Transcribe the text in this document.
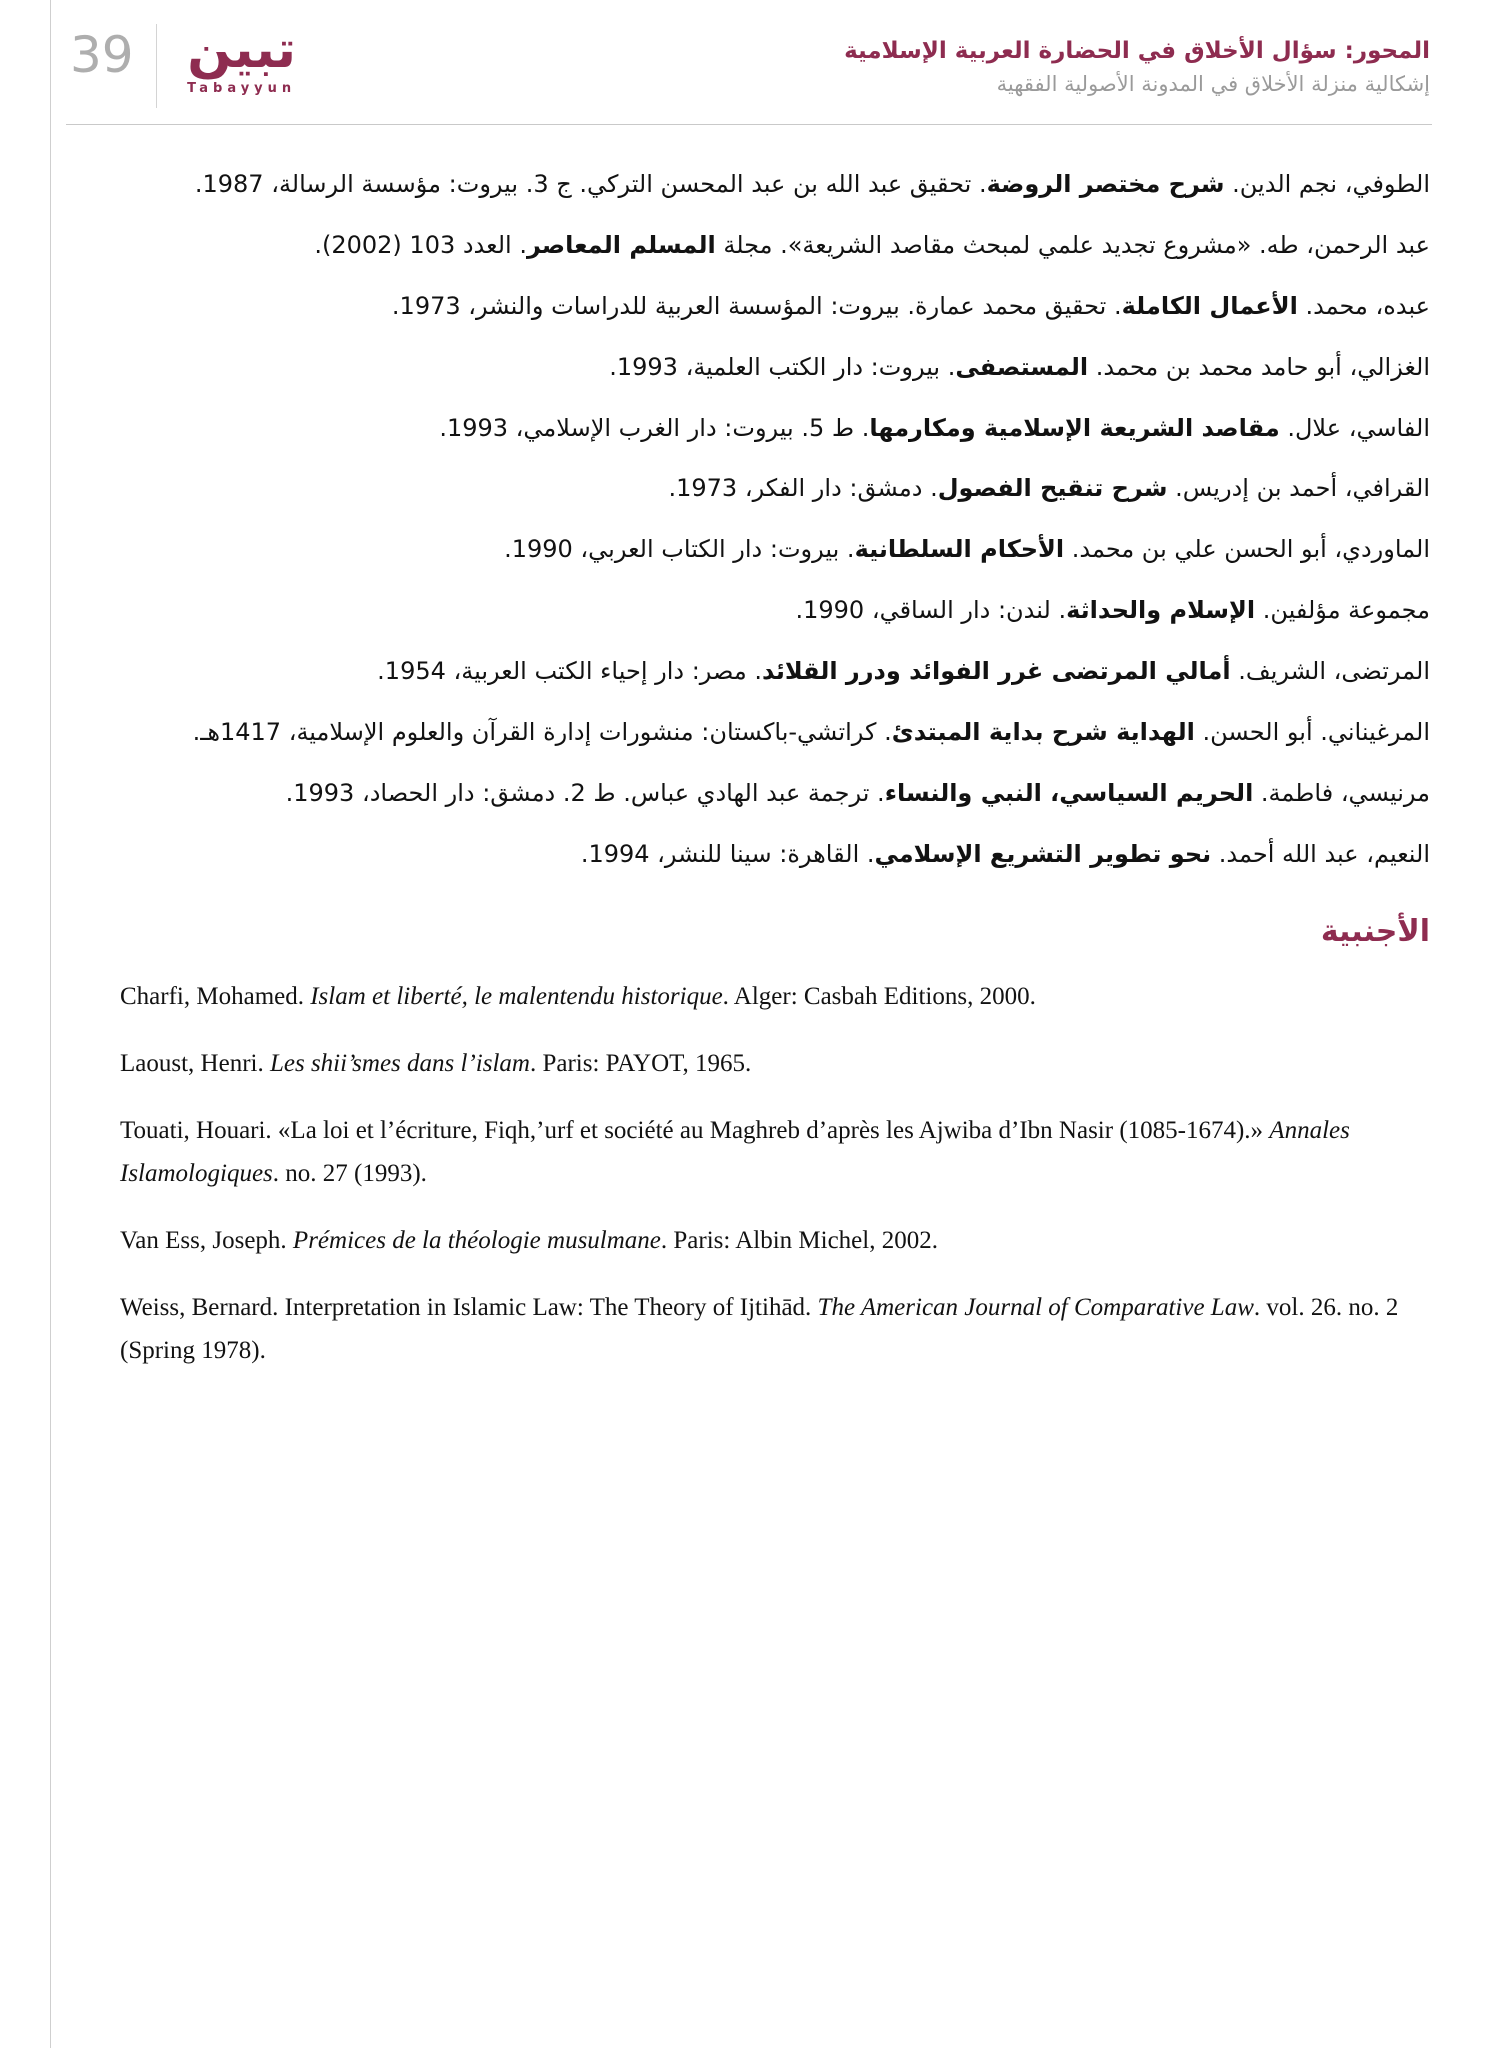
39 تبين
Tabayyun
المحور: سؤال الأخلاق في الحضارة العربية الإسلامية
إشكالية منزلة الأخلاق في المدونة الأصولية الفقهية

الطوفي، نجم الدين. شرح مختصر الروضة. تحقيق عبد الله بن عبد المحسن التركي. ج 3. بيروت: مؤسسة الرسالة، 1987.

عبد الرحمن، طه. «مشروع تجديد علمي لمبحث مقاصد الشريعة». مجلة المسلم المعاصر. العدد 103 (2002).

عبده، محمد. الأعمال الكاملة. تحقيق محمد عمارة. بيروت: المؤسسة العربية للدراسات والنشر، 1973.

الغزالي، أبو حامد محمد بن محمد. المستصفى. بيروت: دار الكتب العلمية، 1993.

الفاسي، علال. مقاصد الشريعة الإسلامية ومكارمها. ط 5. بيروت: دار الغرب الإسلامي، 1993.

القرافي، أحمد بن إدريس. شرح تنقيح الفصول. دمشق: دار الفكر، 1973.

الماوردي، أبو الحسن علي بن محمد. الأحكام السلطانية. بيروت: دار الكتاب العربي، 1990.

مجموعة مؤلفين. الإسلام والحداثة. لندن: دار الساقي، 1990.

المرتضى، الشريف. أمالي المرتضى غرر الفوائد ودرر القلائد. مصر: دار إحياء الكتب العربية، 1954.

المرغيناني. أبو الحسن. الهداية شرح بداية المبتدئ. كراتشي-باكستان: منشورات إدارة القرآن والعلوم الإسلامية، 1417هـ.

مرنيسي، فاطمة. الحريم السياسي، النبي والنساء. ترجمة عبد الهادي عباس. ط 2. دمشق: دار الحصاد، 1993.

النعيم، عبد الله أحمد. نحو تطوير التشريع الإسلامي. القاهرة: سينا للنشر، 1994.

الأجنبية

Charfi, Mohamed. Islam et liberté, le malentendu historique. Alger: Casbah Editions, 2000.

Laoust, Henri. Les shii’smes dans l’islam. Paris: PAYOT, 1965.

Touati, Houari. «La loi et l’écriture, Fiqh,’urf et société au Maghreb d’après les Ajwiba d’Ibn Nasir (1085-1674).» Annales Islamologiques. no. 27 (1993).

Van Ess, Joseph. Prémices de la théologie musulmane. Paris: Albin Michel, 2002.

Weiss, Bernard. Interpretation in Islamic Law: The Theory of Ijtihād. The American Journal of Comparative Law. vol. 26. no. 2 (Spring 1978).
